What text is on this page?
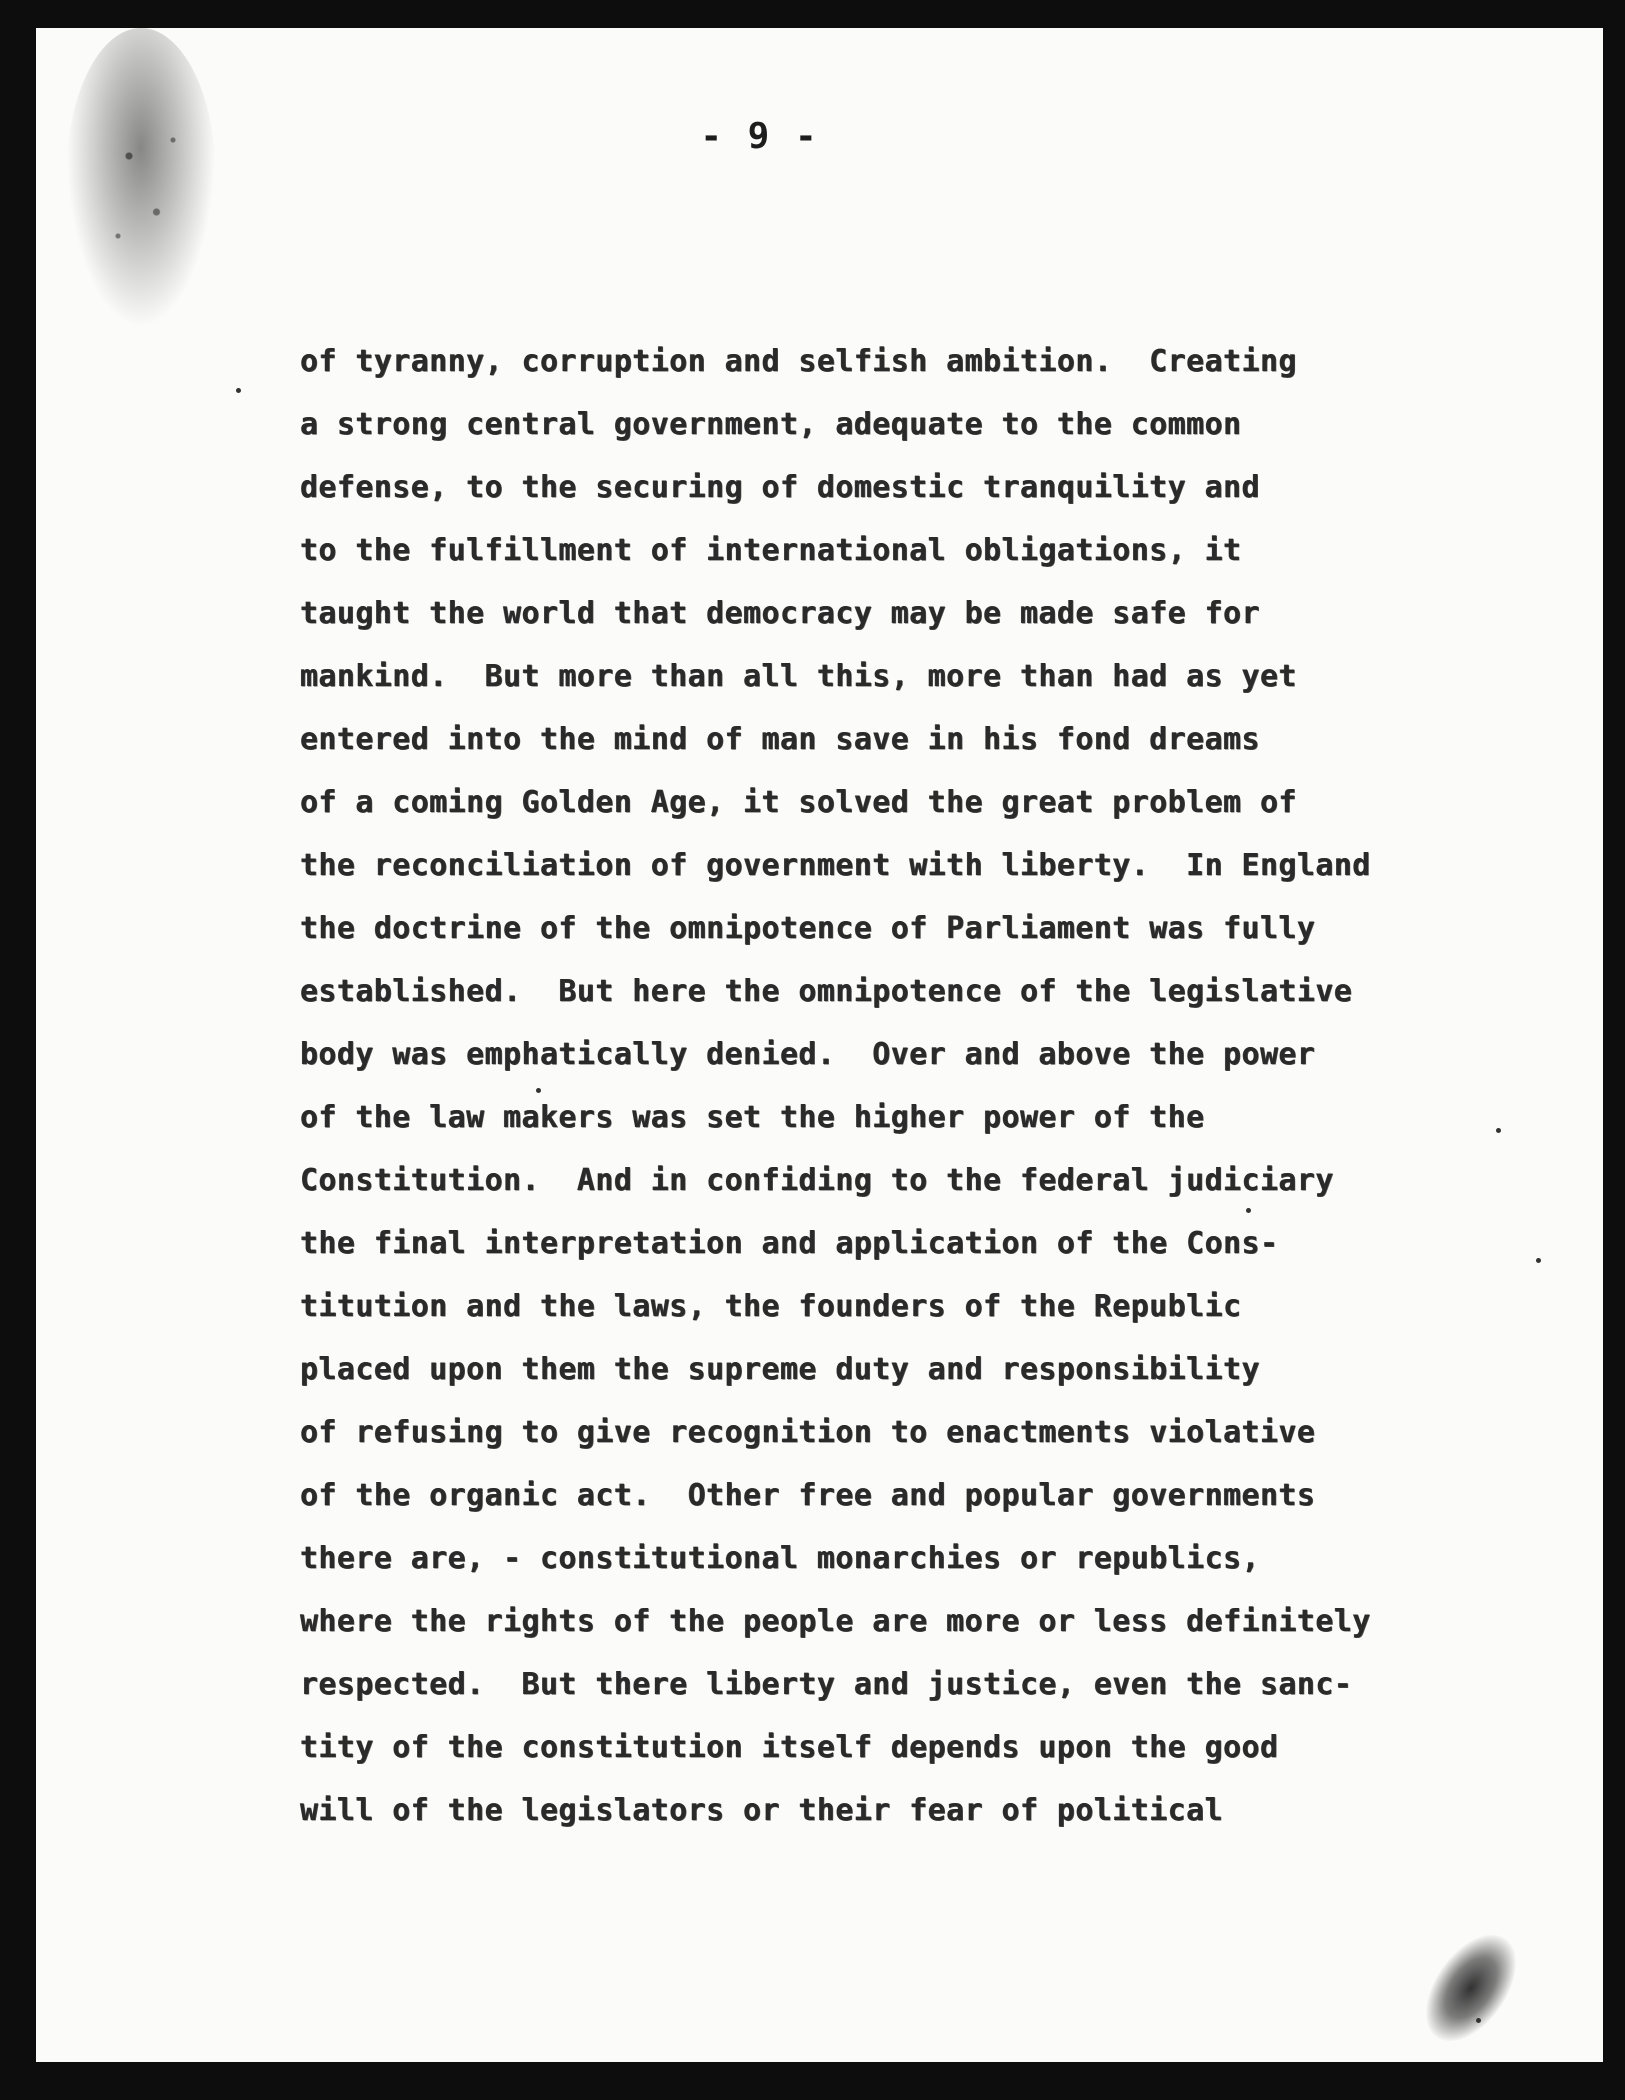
- 9 -
of tyranny, corruption and selfish ambition.  Creating
a strong central government, adequate to the common
defense, to the securing of domestic tranquility and
to the fulfillment of international obligations, it
taught the world that democracy may be made safe for
mankind.  But more than all this, more than had as yet
entered into the mind of man save in his fond dreams
of a coming Golden Age, it solved the great problem of
the reconciliation of government with liberty.  In England
the doctrine of the omnipotence of Parliament was fully
established.  But here the omnipotence of the legislative
body was emphatically denied.  Over and above the power
of the law makers was set the higher power of the
Constitution.  And in confiding to the federal judiciary
the final interpretation and application of the Cons-
titution and the laws, the founders of the Republic
placed upon them the supreme duty and responsibility
of refusing to give recognition to enactments violative
of the organic act.  Other free and popular governments
there are, - constitutional monarchies or republics,
where the rights of the people are more or less definitely
respected.  But there liberty and justice, even the sanc-
tity of the constitution itself depends upon the good
will of the legislators or their fear of political
